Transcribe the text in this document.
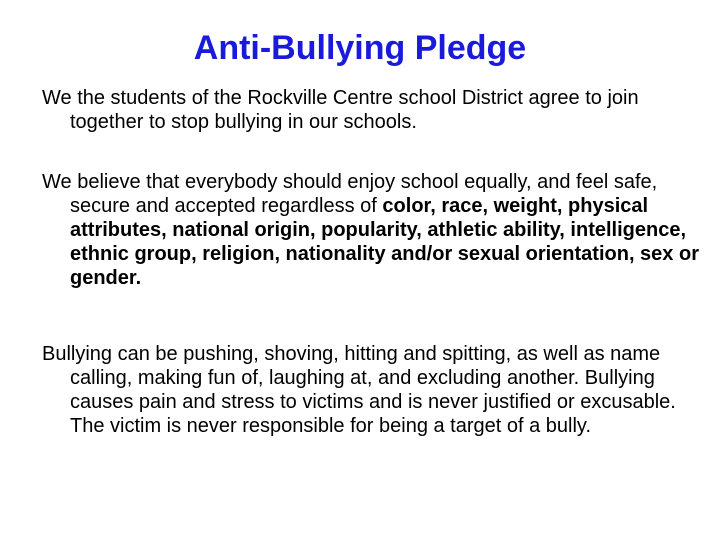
Anti-Bullying Pledge

We the students of the Rockville Centre school District agree to join together to stop bullying in our schools.

We believe that everybody should enjoy school equally, and feel safe, secure and accepted regardless of color, race, weight, physical attributes, national origin, popularity, athletic ability, intelligence, ethnic group, religion, nationality and/or sexual orientation, sex or gender.

Bullying can be pushing, shoving, hitting and spitting, as well as name calling, making fun of, laughing at, and excluding another. Bullying causes pain and stress to victims and is never justified or excusable. The victim is never responsible for being a target of a bully.
